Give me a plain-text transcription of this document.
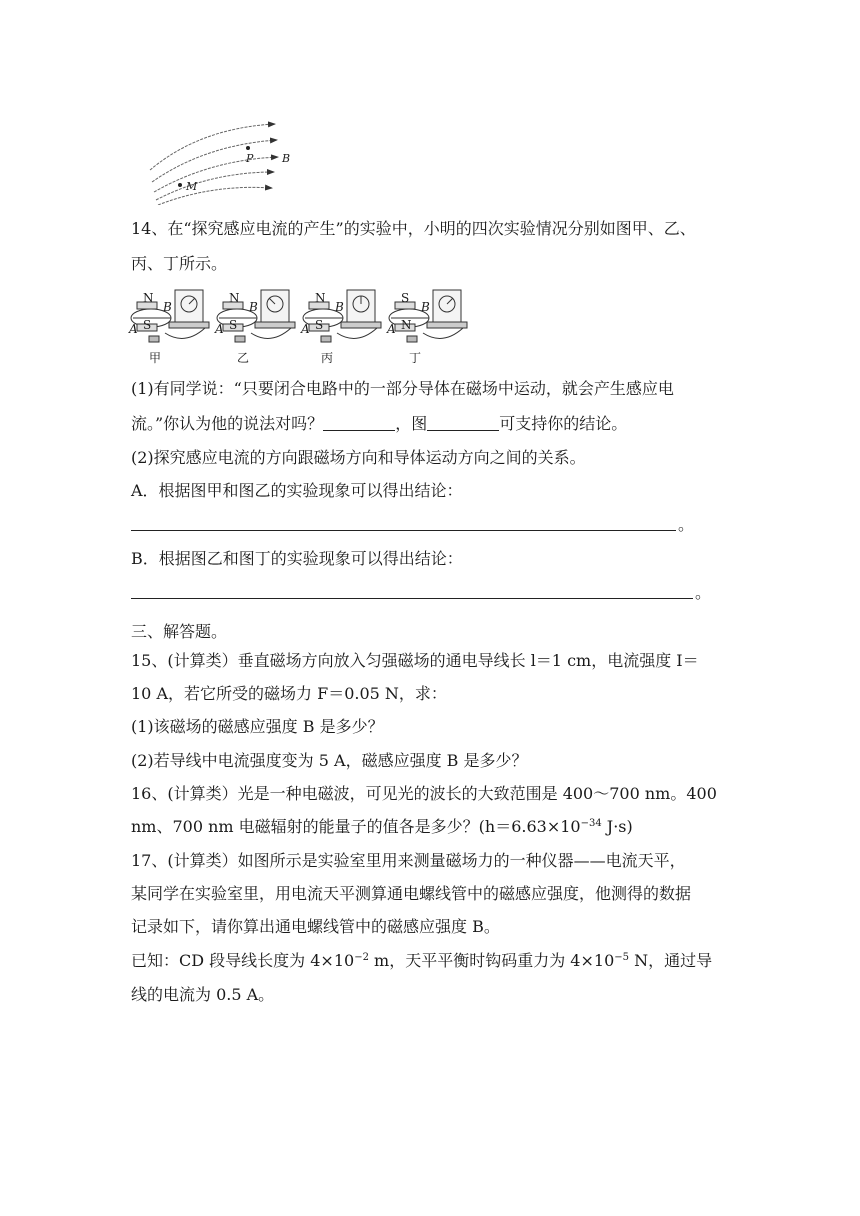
P	B
M
14、在“探究感应电流的产生”的实验中，小明的四次实验情况分别如图甲、乙、
丙、丁所示。
N
B
A S
甲
N
B
A S
乙
N
B
A S
丙
S
B
A N
丁
(1)有同学说：“只要闭合电路中的一部分导体在磁场中运动，就会产生感应电
流。”你认为他的说法对吗？	，图	可支持你的结论。
(2)探究感应电流的方向跟磁场方向和导体运动方向之间的关系。
A．根据图甲和图乙的实验现象可以得出结论：
。
B．根据图乙和图丁的实验现象可以得出结论：
。
三、解答题。
15、(计算类）垂直磁场方向放入匀强磁场的通电导线长 l＝1 cm，电流强度 I＝
10 A，若它所受的磁场力 F＝0.05 N，求：
(1)该磁场的磁感应强度 B 是多少？
(2)若导线中电流强度变为 5 A，磁感应强度 B 是多少？
16、(计算类）光是一种电磁波，可见光的波长的大致范围是 400～700 nm。400
nm、700 nm 电磁辐射的能量子的值各是多少？($h=6.63\times 10^{-34}$ J·s)
17、(计算类）如图所示是实验室里用来测量磁场力的一种仪器——电流天平，
某同学在实验室里，用电流天平测算通电螺线管中的磁感应强度，他测得的数据
记录如下，请你算出通电螺线管中的磁感应强度 B。
已知：CD 段导线长度为 $4\times 10^{-2}$ m，天平平衡时钩码重力为 $4\times 10^{-5}$ N，通过导
线的电流为 0.5 A。
